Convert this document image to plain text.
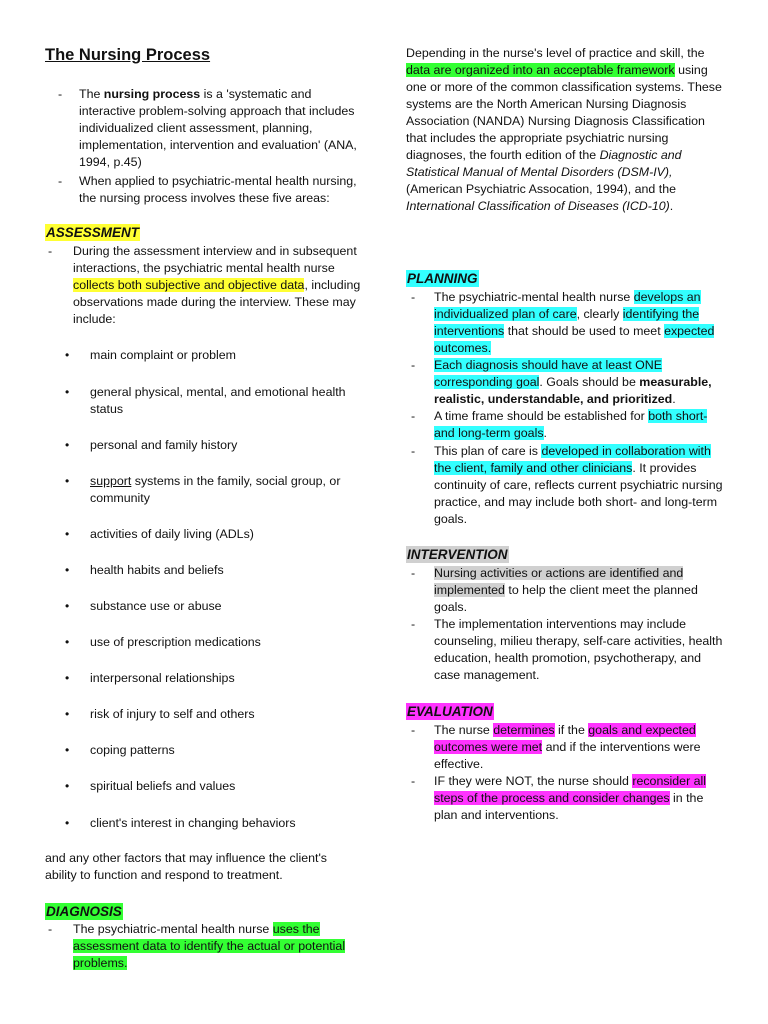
The Nursing Process
- The nursing process is a 'systematic and interactive problem-solving approach that includes individualized client assessment, planning, implementation, intervention and evaluation' (ANA, 1994, p.45)

- When applied to psychiatric-mental health nursing, the nursing process involves these five areas:

ASSESSMENT
- During the assessment interview and in subsequent interactions, the psychiatric mental health nurse collects both subjective and objective data, including observations made during the interview. These may include:

• main complaint or problem
• general physical, mental, and emotional health status
• personal and family history
• support systems in the family, social group, or community
• activities of daily living (ADLs)
• health habits and beliefs
• substance use or abuse
• use of prescription medications
• interpersonal relationships
• risk of injury to self and others
• coping patterns
• spiritual beliefs and values
• client's interest in changing behaviors

and any other factors that may influence the client's ability to function and respond to treatment.

DIAGNOSIS
- The psychiatric-mental health nurse uses the assessment data to identify the actual or potential problems.

Depending in the nurse's level of practice and skill, the data are organized into an acceptable framework using one or more of the common classification systems. These systems are the North American Nursing Diagnosis Association (NANDA) Nursing Diagnosis Classification that includes the appropriate psychiatric nursing diagnoses, the fourth edition of the Diagnostic and Statistical Manual of Mental Disorders (DSM-IV), (American Psychiatric Assocation, 1994), and the International Classification of Diseases (ICD-10).

PLANNING
- The psychiatric-mental health nurse develops an individualized plan of care, clearly identifying the interventions that should be used to meet expected outcomes.

- Each diagnosis should have at least ONE corresponding goal. Goals should be measurable, realistic, understandable, and prioritized.

- A time frame should be established for both short- and long-term goals.

- This plan of care is developed in collaboration with the client, family and other clinicians. It provides continuity of care, reflects current psychiatric nursing practice, and may include both short- and long-term goals.

INTERVENTION
- Nursing activities or actions are identified and implemented to help the client meet the planned goals.

- The implementation interventions may include counseling, milieu therapy, self-care activities, health education, health promotion, psychotherapy, and case management.

EVALUATION
- The nurse determines if the goals and expected outcomes were met and if the interventions were effective.

- IF they were NOT, the nurse should reconsider all steps of the process and consider changes in the plan and interventions.
